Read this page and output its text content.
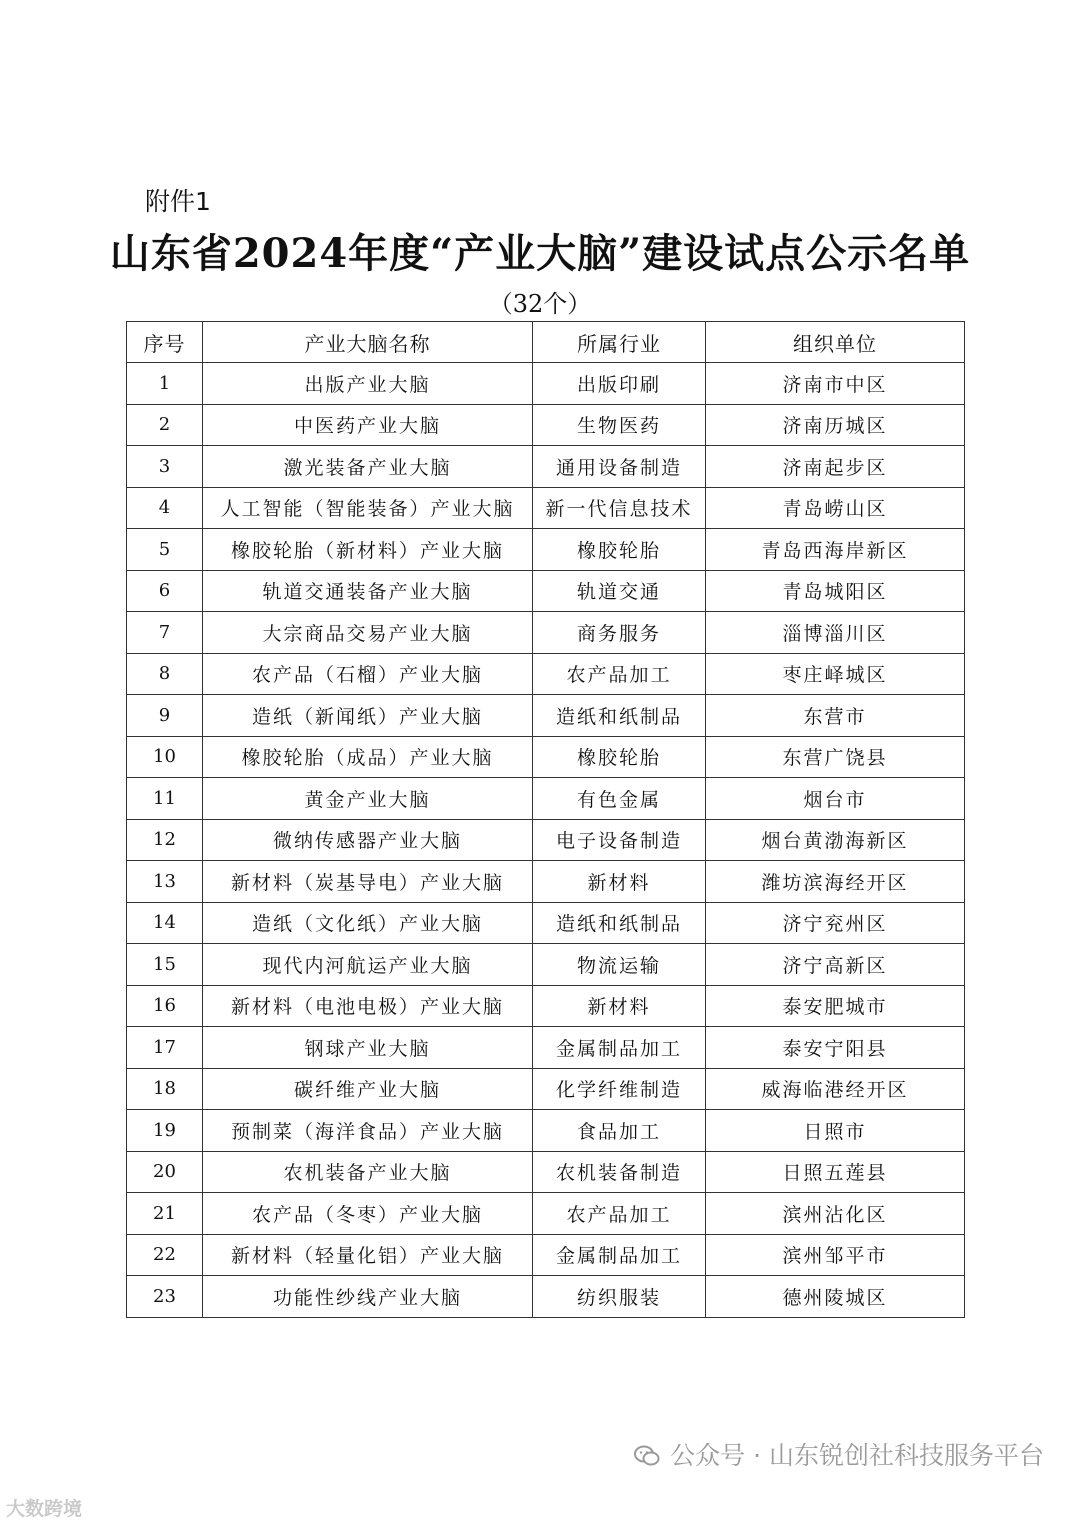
附件1
山东省2024年度“产业大脑”建设试点公示名单
（32个）
序号	产业大脑名称	所属行业	组织单位
1	出版产业大脑	出版印刷	济南市中区
2	中医药产业大脑	生物医药	济南历城区
3	激光装备产业大脑	通用设备制造	济南起步区
4	人工智能（智能装备）产业大脑	新一代信息技术	青岛崂山区
5	橡胶轮胎（新材料）产业大脑	橡胶轮胎	青岛西海岸新区
6	轨道交通装备产业大脑	轨道交通	青岛城阳区
7	大宗商品交易产业大脑	商务服务	淄博淄川区
8	农产品（石榴）产业大脑	农产品加工	枣庄峄城区
9	造纸（新闻纸）产业大脑	造纸和纸制品	东营市
10	橡胶轮胎（成品）产业大脑	橡胶轮胎	东营广饶县
11	黄金产业大脑	有色金属	烟台市
12	微纳传感器产业大脑	电子设备制造	烟台黄渤海新区
13	新材料（炭基导电）产业大脑	新材料	潍坊滨海经开区
14	造纸（文化纸）产业大脑	造纸和纸制品	济宁兖州区
15	现代内河航运产业大脑	物流运输	济宁高新区
16	新材料（电池电极）产业大脑	新材料	泰安肥城市
17	钢球产业大脑	金属制品加工	泰安宁阳县
18	碳纤维产业大脑	化学纤维制造	威海临港经开区
19	预制菜（海洋食品）产业大脑	食品加工	日照市
20	农机装备产业大脑	农机装备制造	日照五莲县
21	农产品（冬枣）产业大脑	农产品加工	滨州沾化区
22	新材料（轻量化铝）产业大脑	金属制品加工	滨州邹平市
23	功能性纱线产业大脑	纺织服装	德州陵城区
大数跨境
公众号 · 山东锐创社科技服务平台
